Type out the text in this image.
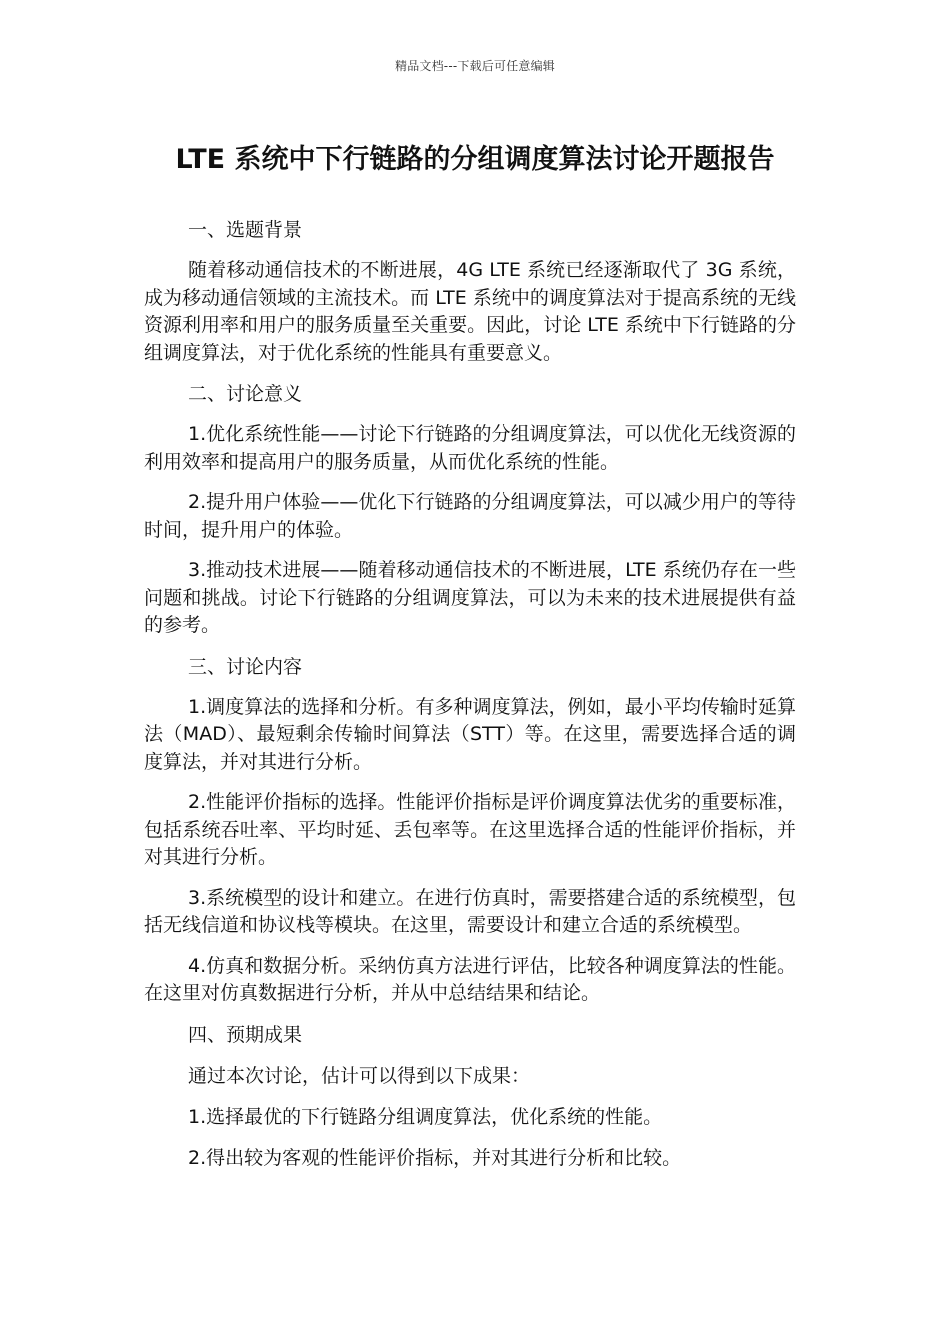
精品文档---下载后可任意编辑
LTE 系统中下行链路的分组调度算法讨论开题报告
一、选题背景
随着移动通信技术的不断进展，4G LTE 系统已经逐渐取代了 3G 系统，成为移动通信领域的主流技术。而 LTE 系统中的调度算法对于提高系统的无线资源利用率和用户的服务质量至关重要。因此，讨论 LTE 系统中下行链路的分组调度算法，对于优化系统的性能具有重要意义。
二、讨论意义
1.优化系统性能——讨论下行链路的分组调度算法，可以优化无线资源的利用效率和提高用户的服务质量，从而优化系统的性能。
2.提升用户体验——优化下行链路的分组调度算法，可以减少用户的等待时间，提升用户的体验。
3.推动技术进展——随着移动通信技术的不断进展，LTE 系统仍存在一些问题和挑战。讨论下行链路的分组调度算法，可以为未来的技术进展提供有益的参考。
三、讨论内容
1.调度算法的选择和分析。有多种调度算法，例如，最小平均传输时延算法（MAD）、最短剩余传输时间算法（STT）等。在这里，需要选择合适的调度算法，并对其进行分析。
2.性能评价指标的选择。性能评价指标是评价调度算法优劣的重要标准，包括系统吞吐率、平均时延、丢包率等。在这里选择合适的性能评价指标，并对其进行分析。
3.系统模型的设计和建立。在进行仿真时，需要搭建合适的系统模型，包括无线信道和协议栈等模块。在这里，需要设计和建立合适的系统模型。
4.仿真和数据分析。采纳仿真方法进行评估，比较各种调度算法的性能。在这里对仿真数据进行分析，并从中总结结果和结论。
四、预期成果
通过本次讨论，估计可以得到以下成果：
1.选择最优的下行链路分组调度算法，优化系统的性能。
2.得出较为客观的性能评价指标，并对其进行分析和比较。
